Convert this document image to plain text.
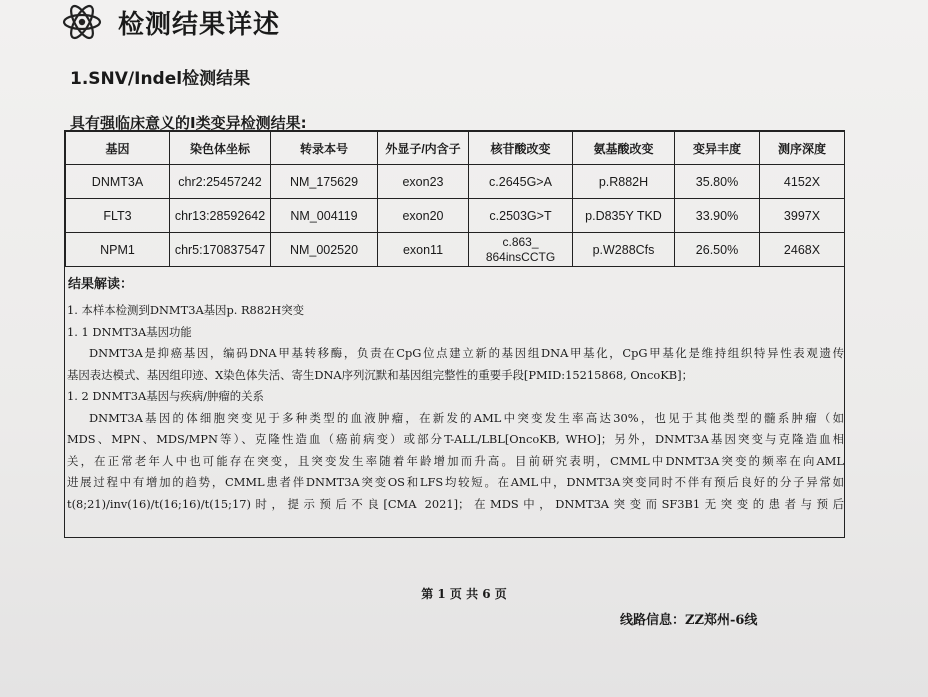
检测结果详述
1.SNV/Indel检测结果
具有强临床意义的I类变异检测结果:
基因	染色体坐标	转录本号	外显子/内含子	核苷酸改变	氨基酸改变	变异丰度	测序深度
DNMT3A	chr2:25457242	NM_175629	exon23	c.2645G>A	p.R882H	35.80%	4152X
FLT3	chr13:28592642	NM_004119	exon20	c.2503G>T	p.D835Y TKD	33.90%	3997X
NPM1	chr5:170837547	NM_002520	exon11	c.863_ 864insCCTG	p.W288Cfs	26.50%	2468X
结果解读：
1. 本样本检测到DNMT3A基因p. R882H突变
1. 1 DNMT3A基因功能
DNMT3A是抑癌基因，编码DNA甲基转移酶，负责在CpG位点建立新的基因组DNA甲基化，CpG甲基化是维持组织特异性表观遗传
基因表达模式、基因组印迹、X染色体失活、寄生DNA序列沉默和基因组完整性的重要手段[PMID:15215868, OncoKB]；
1. 2 DNMT3A基因与疾病/肿瘤的关系
DNMT3A基因的体细胞突变见于多种类型的血液肿瘤，在新发的AML中突变发生率高达30%，也见于其他类型的髓系肿瘤（如
MDS、MPN、MDS/MPN等）、克隆性造血（癌前病变）或部分T-ALL/LBL[OncoKB, WHO]；另外，DNMT3A基因突变与克隆造血相
关，在正常老年人中也可能存在突变，且突变发生率随着年龄增加而升高。目前研究表明，CMML中DNMT3A突变的频率在向AML
进展过程中有增加的趋势，CMML患者伴DNMT3A突变OS和LFS均较短。在AML中，DNMT3A突变同时不伴有预后良好的分子异常如
t(8;21)/inv(16)/t(16;16)/t(15;17)时，提示预后不良[CMA 2021]；在MDS中，DNMT3A突变而SF3B1无突变的患者与预后
第 1 页 共 6 页
线路信息：ZZ郑州-6线
